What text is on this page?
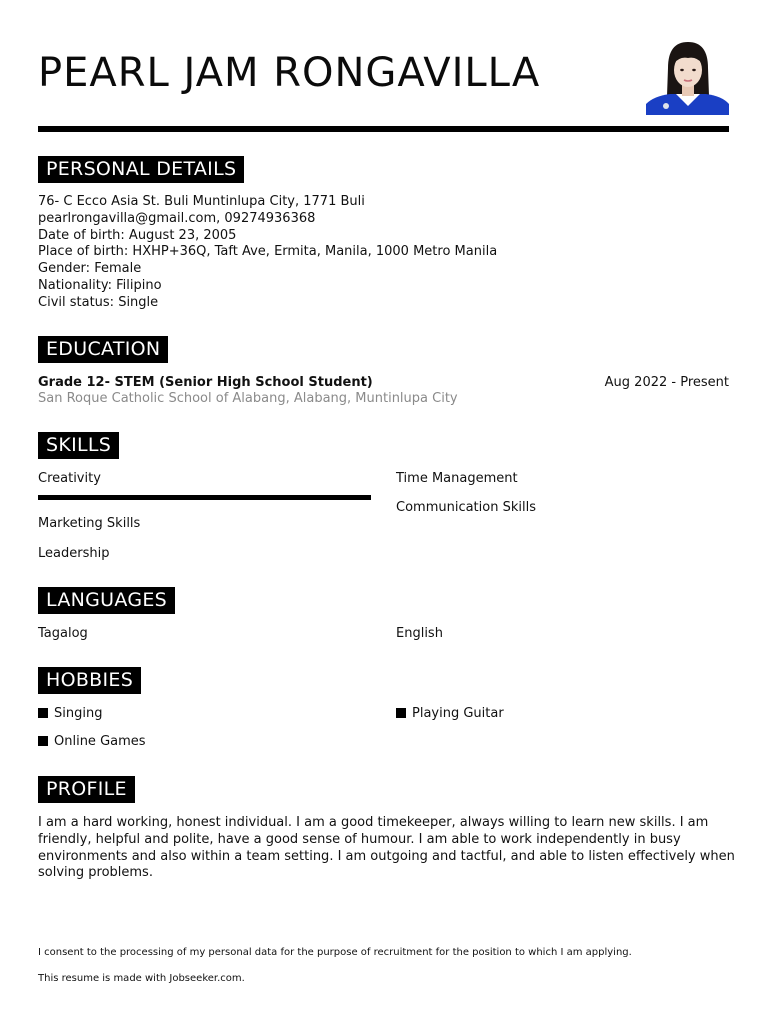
PEARL JAM RONGAVILLA
PERSONAL DETAILS
76- C Ecco Asia St. Buli Muntinlupa City, 1771 Buli
pearlrongavilla@gmail.com, 09274936368
Date of birth: August 23, 2005
Place of birth: HXHP+36Q, Taft Ave, Ermita, Manila, 1000 Metro Manila
Gender: Female
Nationality: Filipino
Civil status: Single
EDUCATION
Grade 12- STEM (Senior High School Student)	Aug 2022 - Present
San Roque Catholic School of Alabang, Alabang, Muntinlupa City
SKILLS
Creativity	Time Management
Communication Skills
Marketing Skills
Leadership
LANGUAGES
Tagalog	English
HOBBIES
Singing	Playing Guitar
Online Games
PROFILE
I am a hard working, honest individual. I am a good timekeeper, always willing to learn new skills. I am friendly, helpful and polite, have a good sense of humour. I am able to work independently in busy environments and also within a team setting. I am outgoing and tactful, and able to listen effectively when solving problems.
I consent to the processing of my personal data for the purpose of recruitment for the position to which I am applying.
This resume is made with Jobseeker.com.
